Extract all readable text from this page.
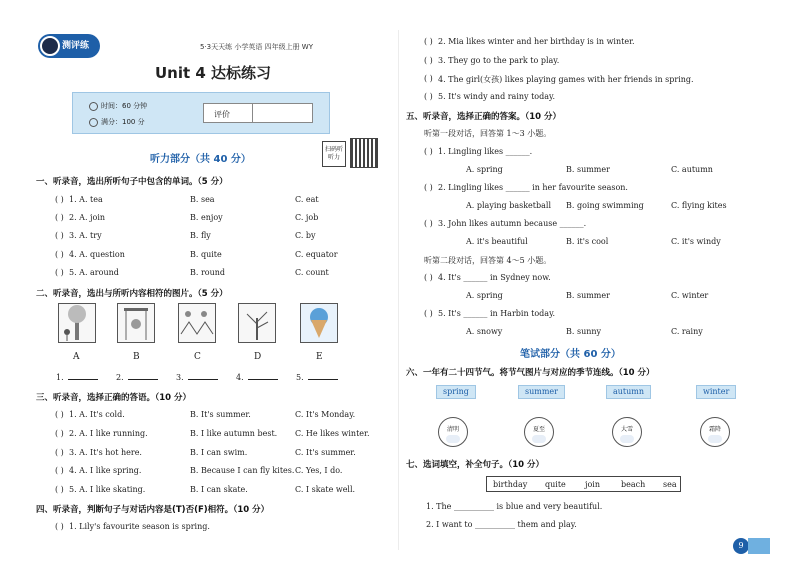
测评练	5·3天天练 小学英语 四年级上册 WY
Unit 4 达标练习
时间：60 分钟
满分：100 分
评价
听力部分（共 40 分）
扫码听听力
一、听录音，选出所听句子中包含的单词。（5 分）
( ) 1. A. tea	B. sea	C. eat
( ) 2. A. join	B. enjoy	C. job
( ) 3. A. try	B. fly	C. by
( ) 4. A. question	B. quite	C. equator
( ) 5. A. around	B. round	C. count
二、听录音，选出与所听内容相符的图片。（5 分）
A	B	C	D	E
1.	2.	3.	4.	5.
三、听录音，选择正确的答语。（10 分）
( ) 1. A. It's cold.	B. It's summer.	C. It's Monday.
( ) 2. A. I like running.	B. I like autumn best. C. He likes winter.
( ) 3. A. It's hot here.	B. I can swim.	C. It's summer.
( ) 4. A. I like spring.	B. Because I can fly kites. C. Yes, I do.
( ) 5. A. I like skating.	B. I can skate.	C. I skate well.
四、听录音，判断句子与对话内容是(T)否(F)相符。（10 分）
( ) 1. Lily's favourite season is spring.
( ) 2. Mia likes winter and her birthday is in winter.
( ) 3. They go to the park to play.
( ) 4. The girl(女孩) likes playing games with her friends in spring.
( ) 5. It's windy and rainy today.
五、听录音，选择正确的答案。（10 分）
听第一段对话，回答第 1～3 小题。
( ) 1. Lingling likes ______.
A. spring	B. summer	C. autumn
( ) 2. Lingling likes ______ in her favourite season.
A. playing basketball B. going swimming	C. flying kites
( ) 3. John likes autumn because ______.
A. it's beautiful	B. it's cool	C. it's windy
听第二段对话，回答第 4～5 小题。
( ) 4. It's ______ in Sydney now.
A. spring	B. summer	C. winter
( ) 5. It's ______ in Harbin today.
A. snowy	B. sunny	C. rainy
笔试部分（共 60 分）
六、一年有二十四节气。将节气图片与对应的季节连线。（10 分）
spring	summer	autumn	winter
清明	夏至	大雪	霜降
七、选词填空，补全句子。（10 分）
birthday quite join	beach sea
1. The __________ is blue and very beautiful.
2. I want to __________ them and play.
9
